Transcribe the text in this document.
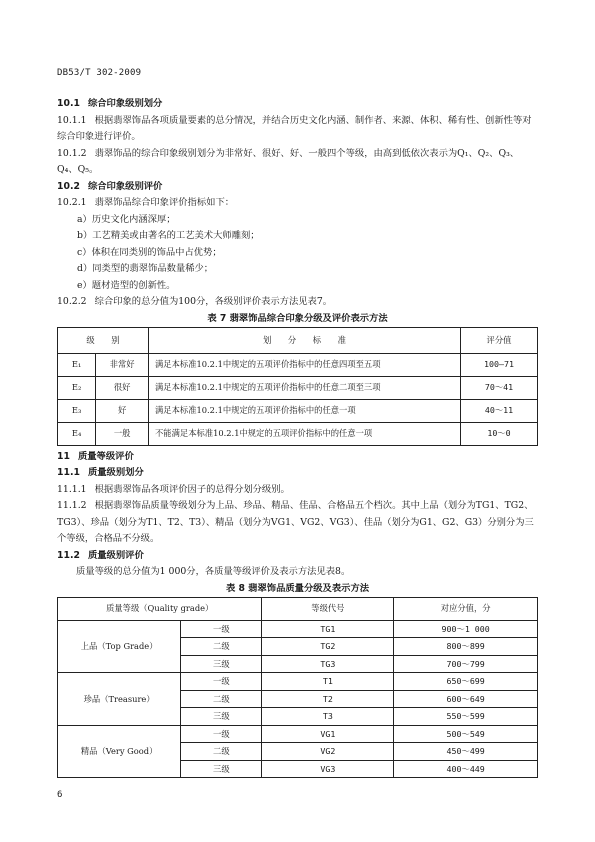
DB53/T 302-2009

10.1 综合印象级别划分

10.1.1 根据翡翠饰品各项质量要素的总分情况，并结合历史文化内涵、制作者、来源、体积、稀有性、创新性等对综合印象进行评价。

10.1.2 翡翠饰品的综合印象级别划分为非常好、很好、好、一般四个等级，由高到低依次表示为Q₁、Q₂、Q₃、Q₄、Q₅。

10.2 综合印象级别评价

10.2.1 翡翠饰品综合印象评价指标如下：

a）历史文化内涵深厚；

b）工艺精美或由著名的工艺美术大师雕刻；

c）体积在同类别的饰品中占优势；

d）同类型的翡翠饰品数量稀少；

e）题材造型的创新性。

10.2.2 综合印象的总分值为100分，各级别评价表示方法见表7。

表 7 翡翠饰品综合印象分级及评价表示方法

级　　别		划　　分　　标　　准	评分值
E₁	非常好	满足本标准10.2.1中规定的五项评价指标中的任意四项至五项	100—71
E₂	很好	满足本标准10.2.1中规定的五项评价指标中的任意二项至三项	70～41
E₃	好	满足本标准10.2.1中规定的五项评价指标中的任意一项	40～11
E₄	一般	不能满足本标准10.2.1中规定的五项评价指标中的任意一项	10～0

11 质量等级评价

11.1 质量级别划分

11.1.1 根据翡翠饰品各项评价因子的总得分划分级别。

11.1.2 根据翡翠饰品质量等级划分为上品、珍品、精品、佳品、合格品五个档次。其中上品（划分为TG1、TG2、 TG3）、珍品（划分为T1、T2、T3）、精品（划分为VG1、VG2、VG3）、佳品（划分为G1、G2、G3）分别分为三个等级，合格品不分级。

11.2 质量级别评价

质量等级的总分值为1 000分，各质量等级评价及表示方法见表8。

表 8 翡翠饰品质量分级及表示方法

质量等级（Quality grade）		等级代号	对应分值，分
上品（Top Grade）	一级	TG1	900～1 000
	二级	TG2	800～899
	三级	TG3	700～799
珍品（Treasure）	一级	T1	650～699
	二级	T2	600～649
	三级	T3	550～599
精品（Very Good）	一级	VG1	500～549
	二级	VG2	450～499
	三级	VG3	400～449
6
